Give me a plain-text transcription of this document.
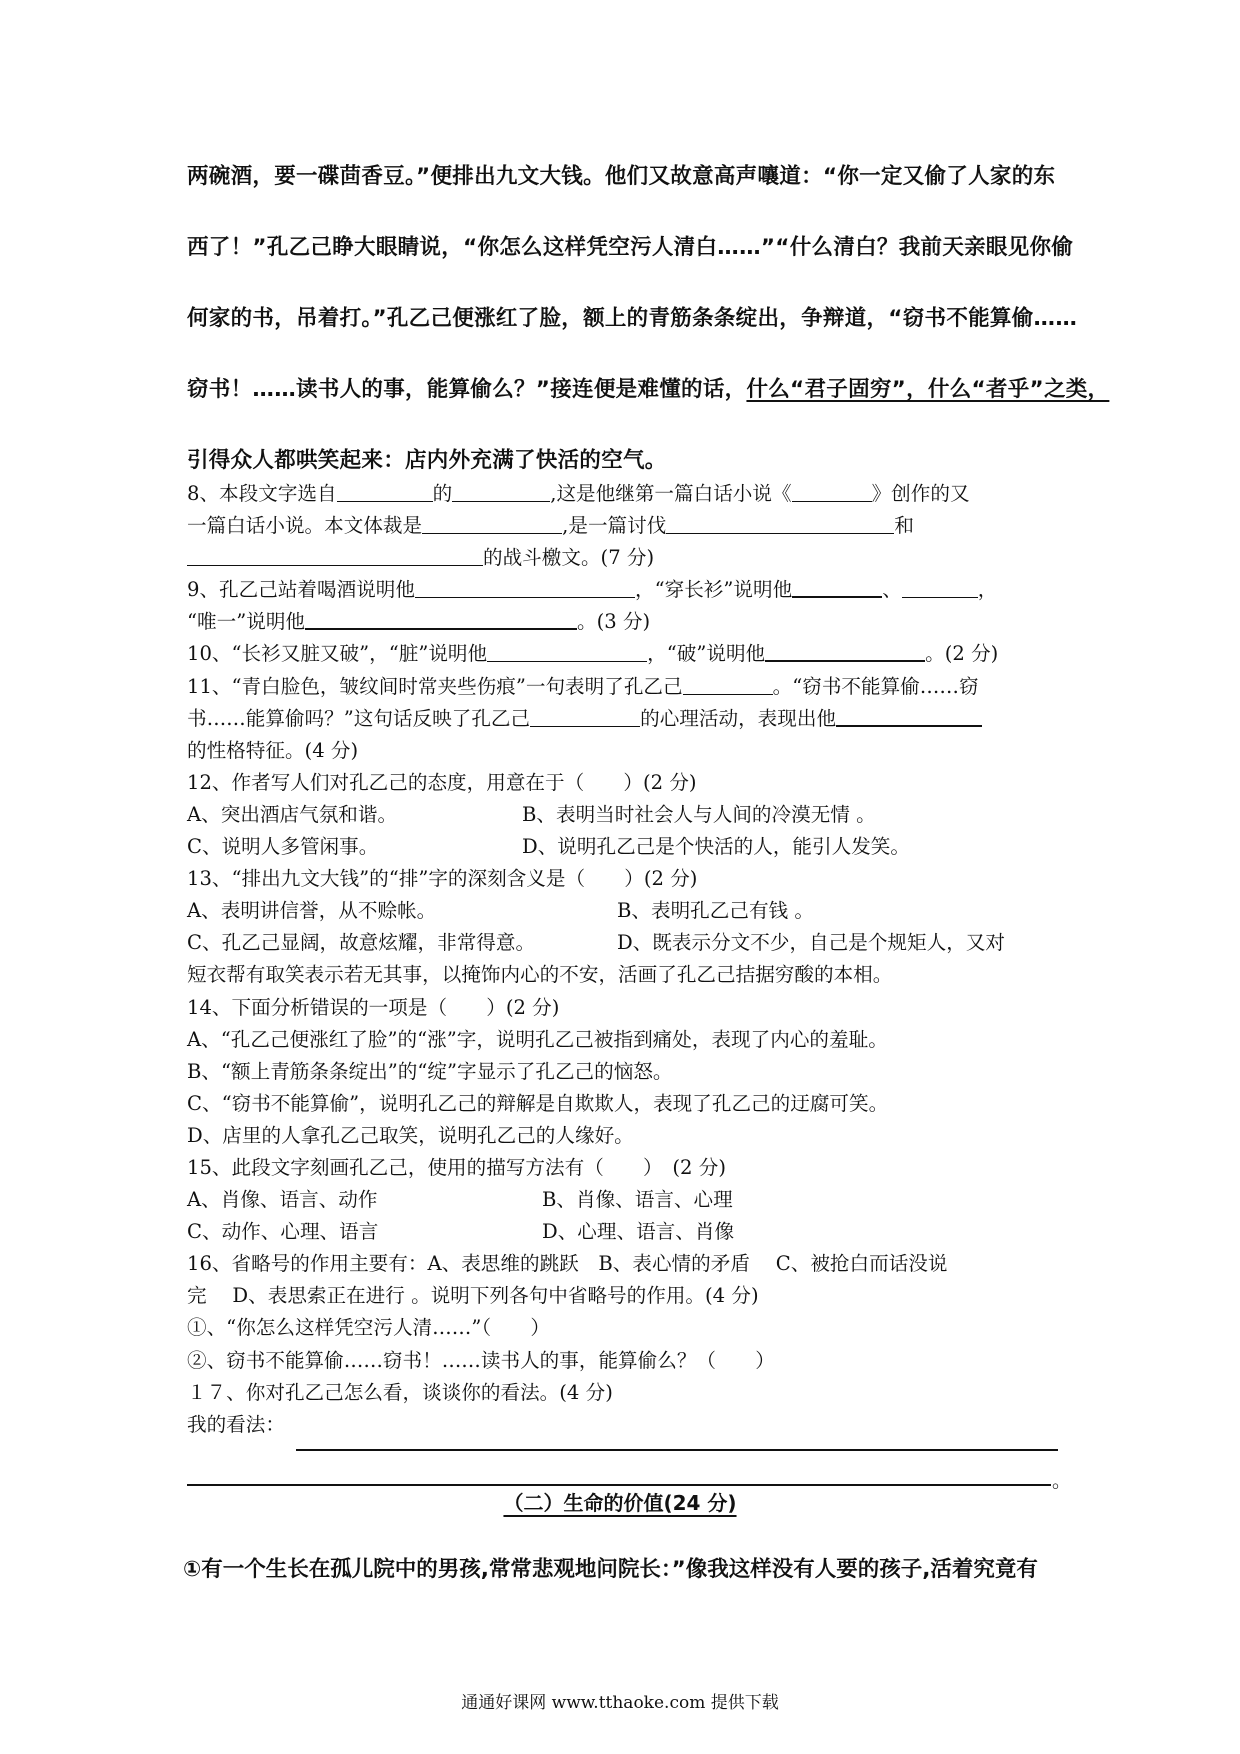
两碗酒，要一碟茴香豆。”便排出九文大钱。他们又故意高声嚷道：“你一定又偷了人家的东
西了！”孔乙己睁大眼睛说，“你怎么这样凭空污人清白……”“什么清白？我前天亲眼见你偷
何家的书，吊着打。”孔乙己便涨红了脸，额上的青筋条条绽出，争辩道，“窃书不能算偷……
窃书！……读书人的事，能算偷么？”接连便是难懂的话，什么“君子固穷”，什么“者乎”之类，
引得众人都哄笑起来：店内外充满了快活的空气。
8、本段文字选自	的	,这是他继第一篇白话小说《	》创作的又
一篇白话小说。本文体裁是	,是一篇讨伐	和
的战斗檄文。(7 分)
9、孔乙己站着喝酒说明他	，“穿长衫”说明他	、	，
“唯一”说明他	。(3 分)
10、“长衫又脏又破”，“脏”说明他	，“破”说明他	。(2 分)
11、“青白脸色，皱纹间时常夹些伤痕”一句表明了孔乙己	。“窃书不能算偷……窃
书……能算偷吗？”这句话反映了孔乙己	的心理活动，表现出他
的性格特征。(4 分)
12、作者写人们对孔乙己的态度，用意在于（　　）(2 分)
A、突出酒店气氛和谐。	B、表明当时社会人与人间的冷漠无情 。
C、说明人多管闲事。	D、说明孔乙己是个快活的人，能引人发笑。
13、“排出九文大钱”的“排”字的深刻含义是（　　）(2 分)
A、表明讲信誉，从不赊帐。	B、表明孔乙己有钱 。
C、孔乙己显阔，故意炫耀，非常得意。	D、既表示分文不少，自己是个规矩人，又对
短衣帮有取笑表示若无其事，以掩饰内心的不安，活画了孔乙己拮据穷酸的本相。
14、下面分析错误的一项是（　　）(2 分)
A、“孔乙己便涨红了脸”的“涨”字，说明孔乙己被指到痛处，表现了内心的羞耻。
B、“额上青筋条条绽出”的“绽”字显示了孔乙己的恼怒。
C、“窃书不能算偷”，说明孔乙己的辩解是自欺欺人，表现了孔乙己的迂腐可笑。
D、店里的人拿孔乙己取笑，说明孔乙己的人缘好。
15、此段文字刻画孔乙己，使用的描写方法有（　　）　(2 分)
A、肖像、语言、动作	B、肖像、语言、心理
C、动作、心理、语言	D、心理、语言、肖像
16、省略号的作用主要有：A、表思维的跳跃　B、表心情的矛盾　 C、被抢白而话没说
完　 D、表思索正在进行 。说明下列各句中省略号的作用。(4 分)
①、“你怎么这样凭空污人清……”（　　）
②、窃书不能算偷……窃书！……读书人的事，能算偷么？（　　）
１７、你对孔乙己怎么看，谈谈你的看法。(4 分)
我的看法：
。
（二）生命的价值(24 分)
①有一个生长在孤儿院中的男孩,常常悲观地问院长：”像我这样没有人要的孩子,活着究竟有
通通好课网 www.tthaoke.com 提供下载
